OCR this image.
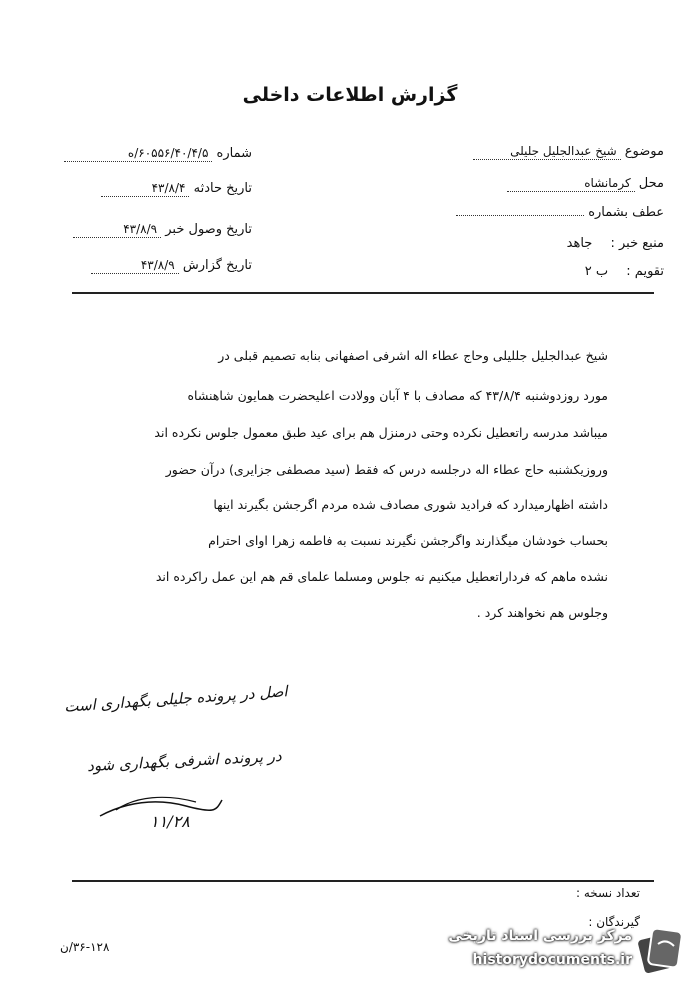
گزارش اطلاعات داخلی
موضوع شیخ عبدالجلیل جلیلی
محل کرمانشاه
عطف بشماره
منبع خبر : جاهد
تقویم : ب ۲
شماره ۶۰۵۵۶/۴۰/۴/۵/ه
تاریخ حادثه ۴۳/۸/۴
تاریخ وصول خبر ۴۳/۸/۹
تاریخ گزارش ۴۳/۸/۹
شیخ عبدالجلیل جللیلی وحاج عطاء اله اشرفی اصفهانی بنابه تصمیم قبلی در
مورد روزدوشنبه ۴۳/۸/۴ که مصادف با ۴ آبان وولادت اعلیحضرت همایون شاهنشاه
میباشد مدرسه راتعطیل نکرده وحتی درمنزل هم برای عید طبق معمول جلوس نکرده اند
وروزیکشنبه حاج عطاء اله درجلسه درس که فقط (سید مصطفی جزایری) درآن حضور
داشته اظهارمیدارد که فرادید شوری مصادف شده مردم اگرجشن بگیرند اینها
بحساب خودشان میگذارند واگرجشن نگیرند نسبت به فاطمه زهرا اوای احترام
نشده ماهم که فرداراتعطیل میکنیم نه جلوس ومسلما علمای قم هم این عمل راکرده اند
وجلوس هم نخواهند کرد .
اصل در پرونده جلیلی بگهداری است
در پرونده اشرفی بگهداری شود
۱۱/۲۸
تعداد نسخه :
گیرندگان :
۳۶-۱۲۸/ن
مرکز بررسی اسناد تاریخی
historydocuments.ir
